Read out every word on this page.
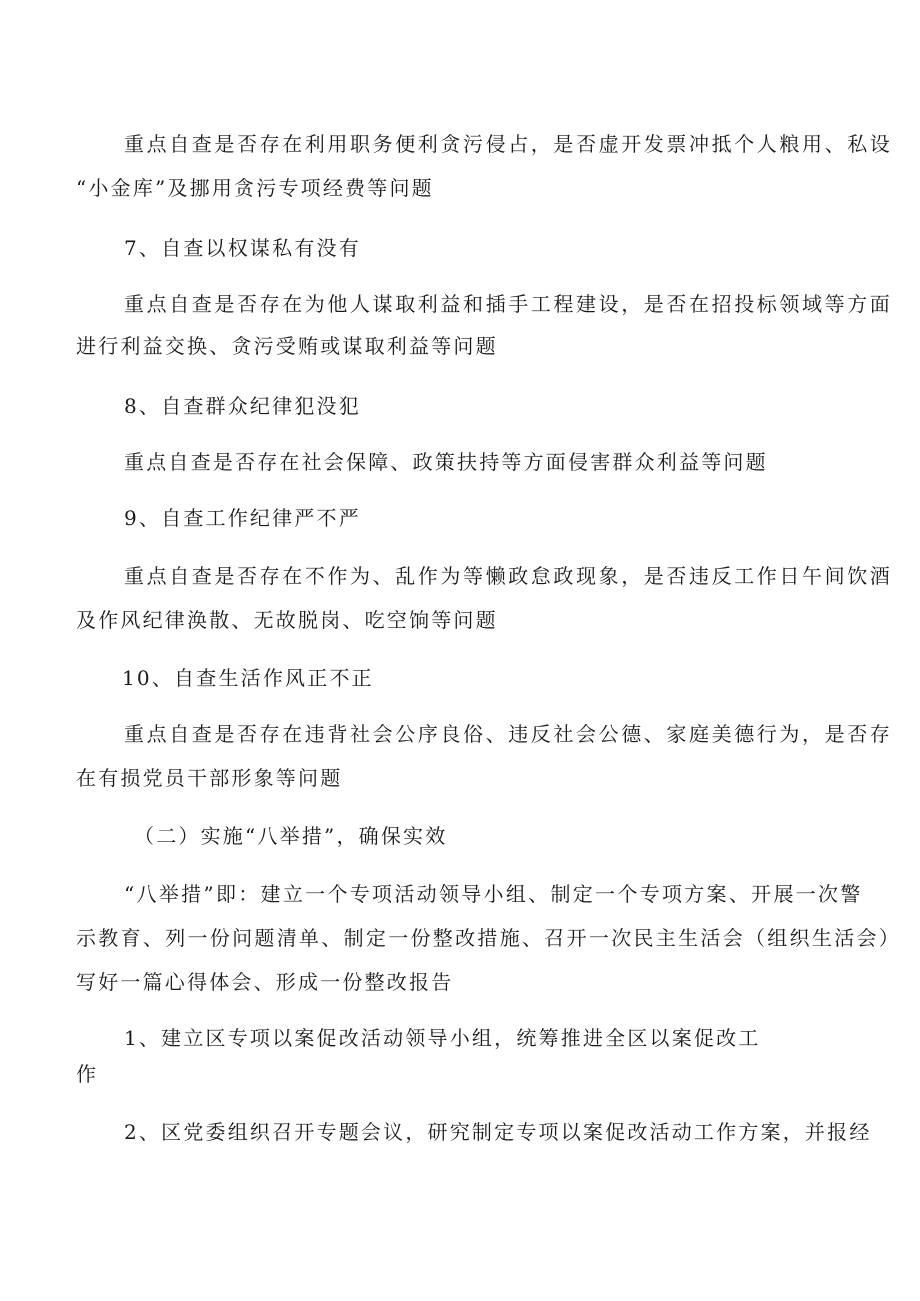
重点自查是否存在利用职务便利贪污侵占，是否虚开发票冲抵个人粮用、私设
“小金库”及挪用贪污专项经费等问题
7、自查以权谋私有没有
重点自查是否存在为他人谋取利益和插手工程建设，是否在招投标领域等方面
进行利益交换、贪污受贿或谋取利益等问题
8、自查群众纪律犯没犯
重点自查是否存在社会保障、政策扶持等方面侵害群众利益等问题
9、自查工作纪律严不严
重点自查是否存在不作为、乱作为等懒政怠政现象，是否违反工作日午间饮酒
及作风纪律涣散、无故脱岗、吃空饷等问题
10、自查生活作风正不正
重点自查是否存在违背社会公序良俗、违反社会公德、家庭美德行为，是否存
在有损党员干部形象等问题
（二）实施“八举措”，确保实效
“八举措”即：建立一个专项活动领导小组、制定一个专项方案、开展一次警
示教育、列一份问题清单、制定一份整改措施、召开一次民主生活会（组织生活会）
写好一篇心得体会、形成一份整改报告
1、建立区专项以案促改活动领导小组，统筹推进全区以案促改工
作
2、区党委组织召开专题会议，研究制定专项以案促改活动工作方案，并报经
